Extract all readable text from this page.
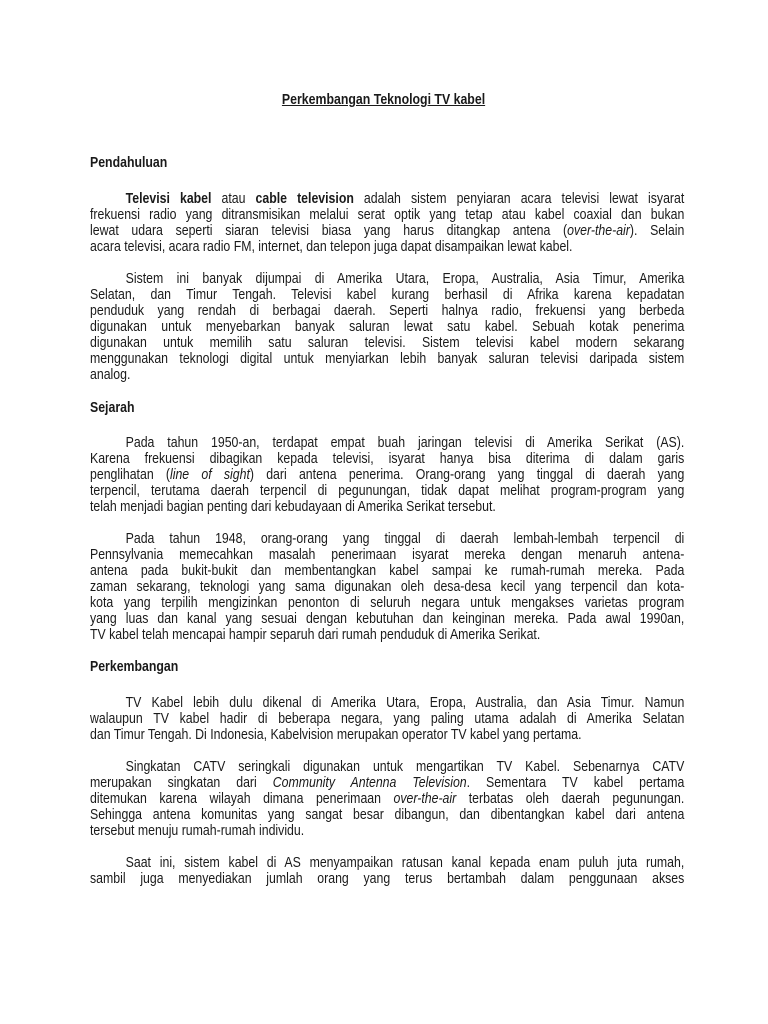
Perkembangan Teknologi TV kabel
Pendahuluan
Televisi kabel atau cable television adalah sistem penyiaran acara televisi lewat isyarat
frekuensi radio yang ditransmisikan melalui serat optik yang tetap atau kabel coaxial dan bukan
lewat udara seperti siaran televisi biasa yang harus ditangkap antena (over-the-air). Selain
acara televisi, acara radio FM, internet, dan telepon juga dapat disampaikan lewat kabel.
Sistem ini banyak dijumpai di Amerika Utara, Eropa, Australia, Asia Timur, Amerika
Selatan, dan Timur Tengah. Televisi kabel kurang berhasil di Afrika karena kepadatan
penduduk yang rendah di berbagai daerah. Seperti halnya radio, frekuensi yang berbeda
digunakan untuk menyebarkan banyak saluran lewat satu kabel. Sebuah kotak penerima
digunakan untuk memilih satu saluran televisi. Sistem televisi kabel modern sekarang
menggunakan teknologi digital untuk menyiarkan lebih banyak saluran televisi daripada sistem
analog.
Sejarah
Pada tahun 1950-an, terdapat empat buah jaringan televisi di Amerika Serikat (AS).
Karena frekuensi dibagikan kepada televisi, isyarat hanya bisa diterima di dalam garis
penglihatan (line of sight) dari antena penerima. Orang-orang yang tinggal di daerah yang
terpencil, terutama daerah terpencil di pegunungan, tidak dapat melihat program-program yang
telah menjadi bagian penting dari kebudayaan di Amerika Serikat tersebut.
Pada tahun 1948, orang-orang yang tinggal di daerah lembah-lembah terpencil di
Pennsylvania memecahkan masalah penerimaan isyarat mereka dengan menaruh antena-
antena pada bukit-bukit dan membentangkan kabel sampai ke rumah-rumah mereka. Pada
zaman sekarang, teknologi yang sama digunakan oleh desa-desa kecil yang terpencil dan kota-
kota yang terpilih mengizinkan penonton di seluruh negara untuk mengakses varietas program
yang luas dan kanal yang sesuai dengan kebutuhan dan keinginan mereka. Pada awal 1990an,
TV kabel telah mencapai hampir separuh dari rumah penduduk di Amerika Serikat.
Perkembangan
TV Kabel lebih dulu dikenal di Amerika Utara, Eropa, Australia, dan Asia Timur. Namun
walaupun TV kabel hadir di beberapa negara, yang paling utama adalah di Amerika Selatan
dan Timur Tengah. Di Indonesia, Kabelvision merupakan operator TV kabel yang pertama.
Singkatan CATV seringkali digunakan untuk mengartikan TV Kabel. Sebenarnya CATV
merupakan singkatan dari Community Antenna Television. Sementara TV kabel pertama
ditemukan karena wilayah dimana penerimaan over-the-air terbatas oleh daerah pegunungan.
Sehingga antena komunitas yang sangat besar dibangun, dan dibentangkan kabel dari antena
tersebut menuju rumah-rumah individu.
Saat ini, sistem kabel di AS menyampaikan ratusan kanal kepada enam puluh juta rumah,
sambil juga menyediakan jumlah orang yang terus bertambah dalam penggunaan akses
